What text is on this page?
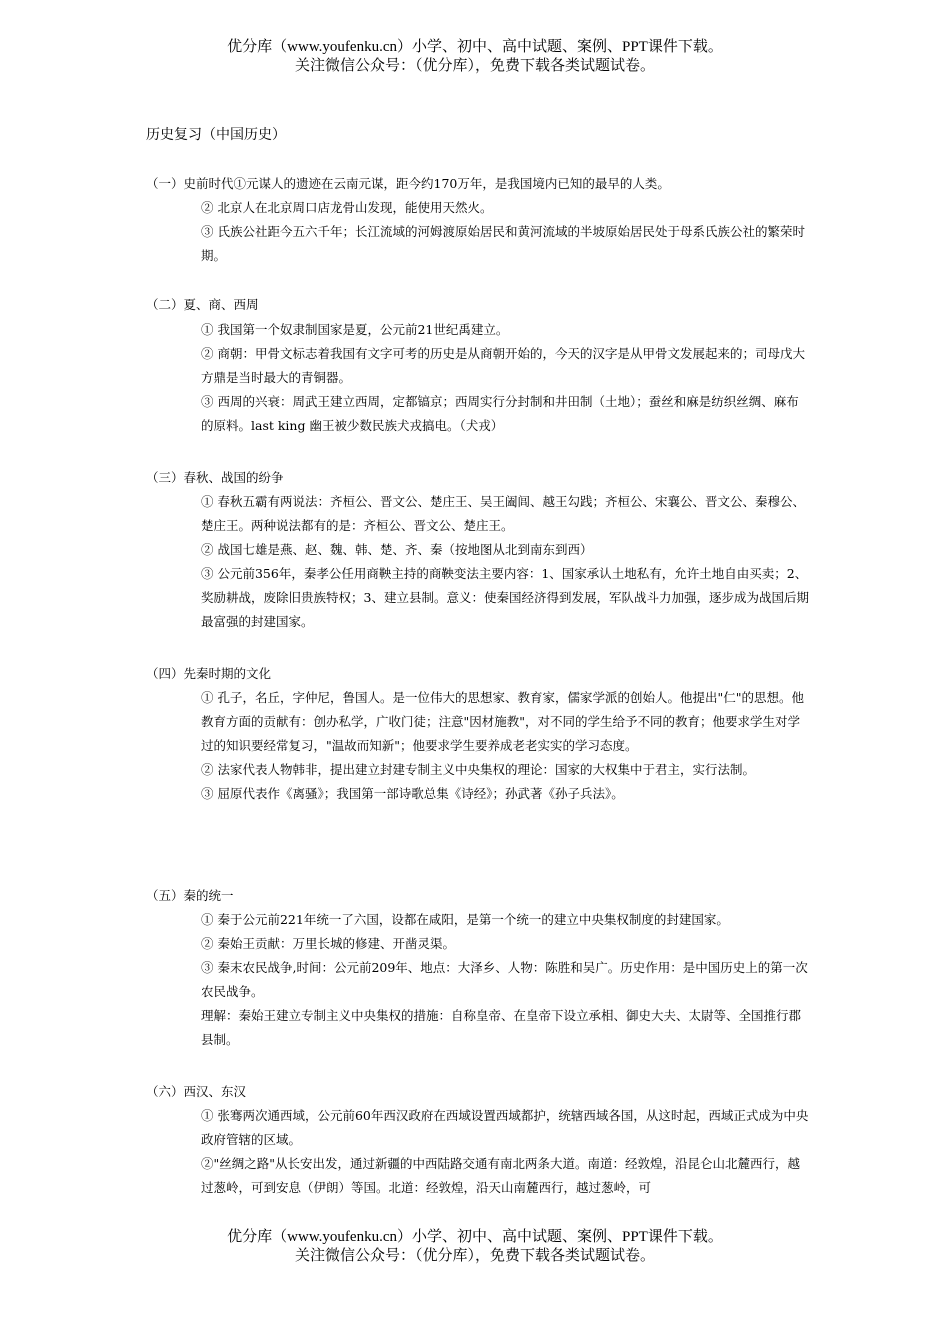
优分库（www.youfenku.cn）小学、初中、高中试题、案例、PPT课件下载。
关注微信公众号：（优分库），免费下载各类试题试卷。
历史复习（中国历史）
（一）史前时代①元谋人的遗迹在云南元谋，距今约170万年，是我国境内已知的最早的人类。

② 北京人在北京周口店龙骨山发现，能使用天然火。

③ 氏族公社距今五六千年；长江流域的河姆渡原始居民和黄河流域的半坡原始居民处于母系氏族公社的繁荣时期。

（二）夏、商、西周

① 我国第一个奴隶制国家是夏，公元前21世纪禹建立。

② 商朝：甲骨文标志着我国有文字可考的历史是从商朝开始的，今天的汉字是从甲骨文发展起来的；司母戊大方鼎是当时最大的青铜器。

③ 西周的兴衰：周武王建立西周，定都镐京；西周实行分封制和井田制（土地）；蚕丝和麻是纺织丝绸、麻布的原料。last king 幽王被少数民族犬戎搞电。（犬戎）

（三）春秋、战国的纷争

① 春秋五霸有两说法：齐桓公、晋文公、楚庄王、吴王阖闾、越王勾践；齐桓公、宋襄公、晋文公、秦穆公、楚庄王。两种说法都有的是：齐桓公、晋文公、楚庄王。

② 战国七雄是燕、赵、魏、韩、楚、齐、秦（按地图从北到南东到西）

③ 公元前356年，秦孝公任用商鞅主持的商鞅变法主要内容：1、国家承认土地私有，允许土地自由买卖；2、奖励耕战，废除旧贵族特权；3、建立县制。意义：使秦国经济得到发展，军队战斗力加强，逐步成为战国后期最富强的封建国家。

（四）先秦时期的文化

① 孔子，名丘，字仲尼，鲁国人。是一位伟大的思想家、教育家，儒家学派的创始人。他提出"仁"的思想。他教育方面的贡献有：创办私学，广收门徒；注意"因材施教"，对不同的学生给予不同的教育；他要求学生对学过的知识要经常复习，"温故而知新"；他要求学生要养成老老实实的学习态度。

② 法家代表人物韩非，提出建立封建专制主义中央集权的理论：国家的大权集中于君主，实行法制。

③ 屈原代表作《离骚》；我国第一部诗歌总集《诗经》；孙武著《孙子兵法》。

（五）秦的统一

① 秦于公元前221年统一了六国，设都在咸阳，是第一个统一的建立中央集权制度的封建国家。

② 秦始王贡献：万里长城的修建、开凿灵渠。

③ 秦末农民战争,时间：公元前209年、地点：大泽乡、人物：陈胜和吴广。历史作用：是中国历史上的第一次农民战争。

理解：秦始王建立专制主义中央集权的措施：自称皇帝、在皇帝下设立承相、御史大夫、太尉等、全国推行郡县制。

（六）西汉、东汉

① 张骞两次通西域，公元前60年西汉政府在西域设置西域都护，统辖西域各国，从这时起，西域正式成为中央政府管辖的区域。

②"丝绸之路"从长安出发，通过新疆的中西陆路交通有南北两条大道。南道：经敦煌，沿昆仑山北麓西行，越过葱岭，可到安息（伊朗）等国。北道：经敦煌，沿天山南麓西行，越过葱岭，可

优分库（www.youfenku.cn）小学、初中、高中试题、案例、PPT课件下载。
关注微信公众号：（优分库），免费下载各类试题试卷。
